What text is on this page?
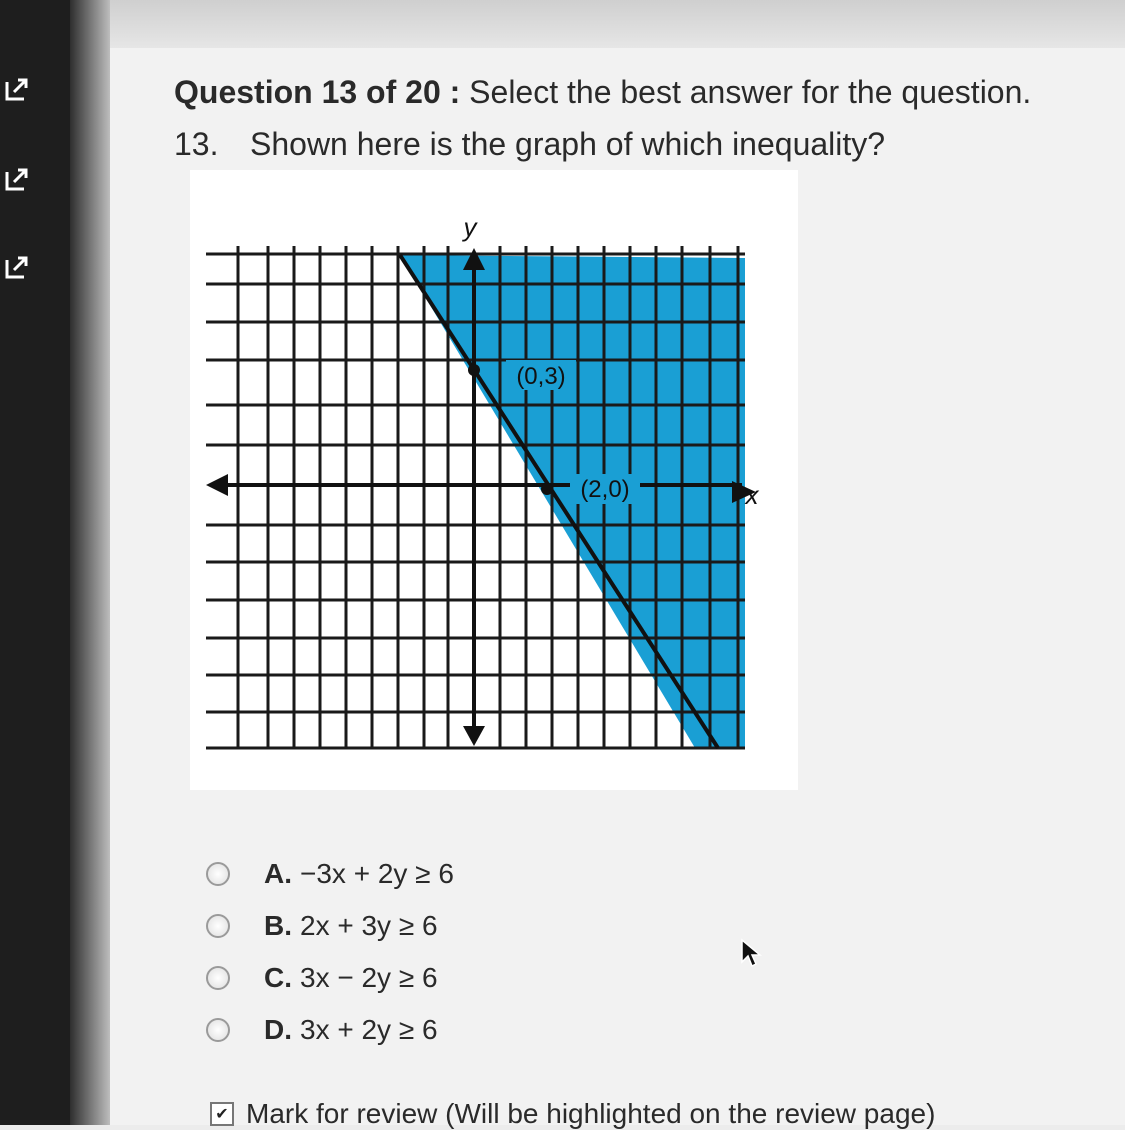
Question 13 of 20 : Select the best answer for the question.
13. Shown here is the graph of which inequality?
(0,3)
(2,0)
y
x
A. −3x + 2y ≥ 6
B. 2x + 3y ≥ 6
C. 3x − 2y ≥ 6
D. 3x + 2y ≥ 6
✔ Mark for review (Will be highlighted on the review page)
